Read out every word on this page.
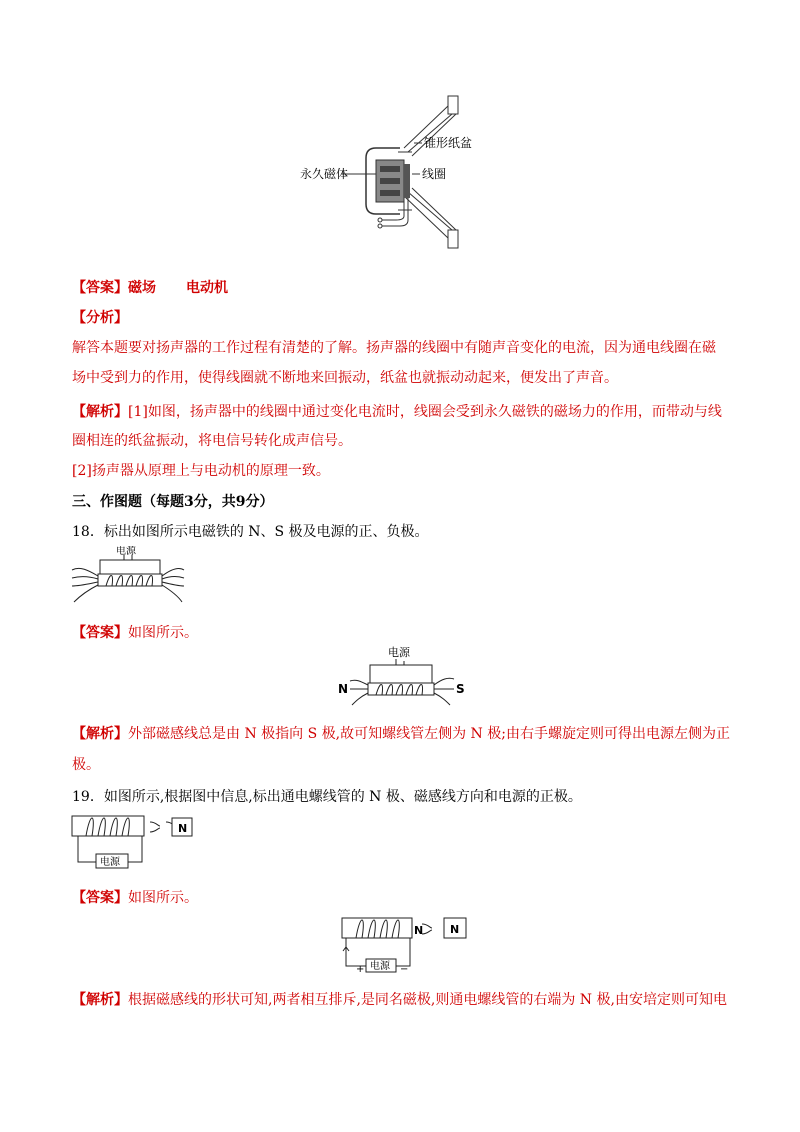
锥形纸盆
永久磁体	线圈
【答案】磁场 电动机
【分析】
解答本题要对扬声器的工作过程有清楚的了解。扬声器的线圈中有随声音变化的电流，因为通电线圈在磁
场中受到力的作用，使得线圈就不断地来回振动，纸盆也就振动动起来，便发出了声音。
【解析】[1]如图，扬声器中的线圈中通过变化电流时，线圈会受到永久磁铁的磁场力的作用，而带动与线
圈相连的纸盆振动，将电信号转化成声信号。
[2]扬声器从原理上与电动机的原理一致。
三、作图题（每题3分，共9分）
18．标出如图所示电磁铁的 N、S 极及电源的正、负极。
电源
【答案】如图所示。
电源
N	S
【解析】外部磁感线总是由 N 极指向 S 极,故可知螺线管左侧为 N 极;由右手螺旋定则可得出电源左侧为正
极。
19．如图所示,根据图中信息,标出通电螺线管的 N 极、磁感线方向和电源的正极。
电源
N
【答案】如图所示。
电源
N N
+	−
【解析】根据磁感线的形状可知,两者相互排斥,是同名磁极,则通电螺线管的右端为 N 极,由安培定则可知电
